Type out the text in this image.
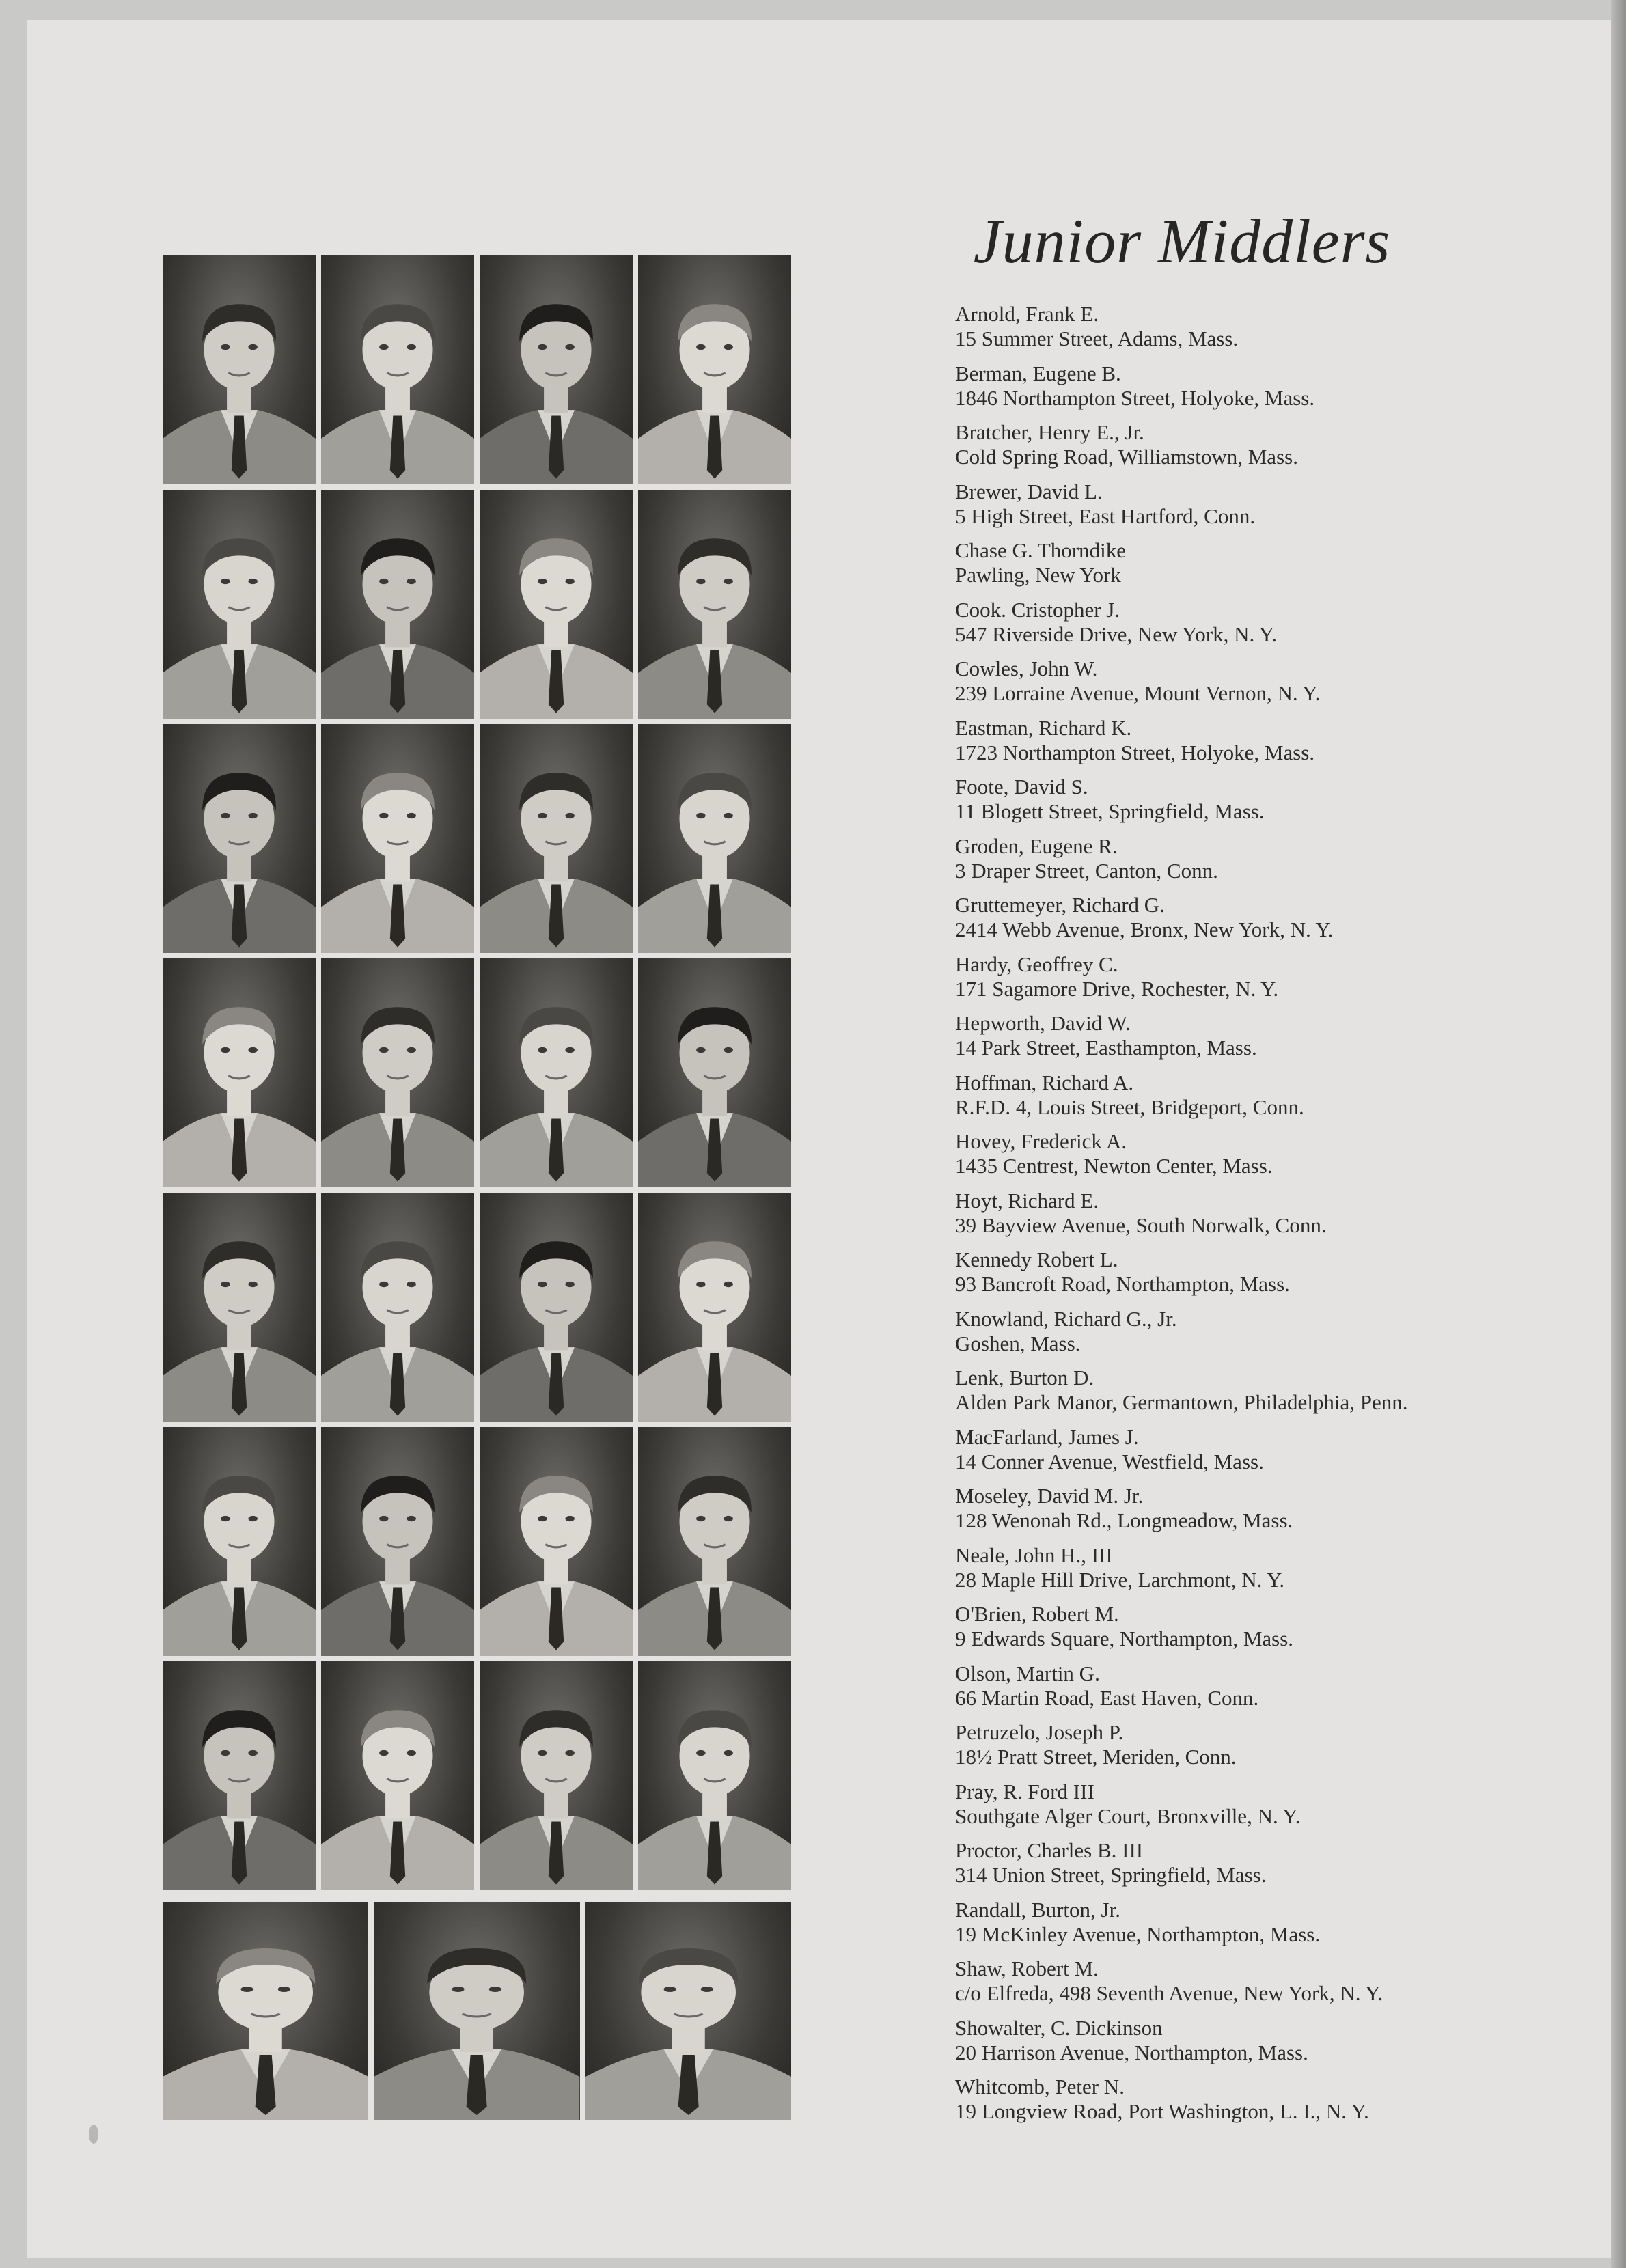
Junior Middlers
Arnold, Frank E.
15 Summer Street, Adams, Mass.
Berman, Eugene B.
1846 Northampton Street, Holyoke, Mass.
Bratcher, Henry E., Jr.
Cold Spring Road, Williamstown, Mass.
Brewer, David L.
5 High Street, East Hartford, Conn.
Chase G. Thorndike
Pawling, New York
Cook. Cristopher J.
547 Riverside Drive, New York, N. Y.
Cowles, John W.
239 Lorraine Avenue, Mount Vernon, N. Y.
Eastman, Richard K.
1723 Northampton Street, Holyoke, Mass.
Foote, David S.
11 Blogett Street, Springfield, Mass.
Groden, Eugene R.
3 Draper Street, Canton, Conn.
Gruttemeyer, Richard G.
2414 Webb Avenue, Bronx, New York, N. Y.
Hardy, Geoffrey C.
171 Sagamore Drive, Rochester, N. Y.
Hepworth, David W.
14 Park Street, Easthampton, Mass.
Hoffman, Richard A.
R.F.D. 4, Louis Street, Bridgeport, Conn.
Hovey, Frederick A.
1435 Centrest, Newton Center, Mass.
Hoyt, Richard E.
39 Bayview Avenue, South Norwalk, Conn.
Kennedy Robert L.
93 Bancroft Road, Northampton, Mass.
Knowland, Richard G., Jr.
Goshen, Mass.
Lenk, Burton D.
Alden Park Manor, Germantown, Philadelphia, Penn.
MacFarland, James J.
14 Conner Avenue, Westfield, Mass.
Moseley, David M. Jr.
128 Wenonah Rd., Longmeadow, Mass.
Neale, John H., III
28 Maple Hill Drive, Larchmont, N. Y.
O'Brien, Robert M.
9 Edwards Square, Northampton, Mass.
Olson, Martin G.
66 Martin Road, East Haven, Conn.
Petruzelo, Joseph P.
18½ Pratt Street, Meriden, Conn.
Pray, R. Ford III
Southgate Alger Court, Bronxville, N. Y.
Proctor, Charles B. III
314 Union Street, Springfield, Mass.
Randall, Burton, Jr.
19 McKinley Avenue, Northampton, Mass.
Shaw, Robert M.
c/o Elfreda, 498 Seventh Avenue, New York, N. Y.
Showalter, C. Dickinson
20 Harrison Avenue, Northampton, Mass.
Whitcomb, Peter N.
19 Longview Road, Port Washington, L. I., N. Y.
